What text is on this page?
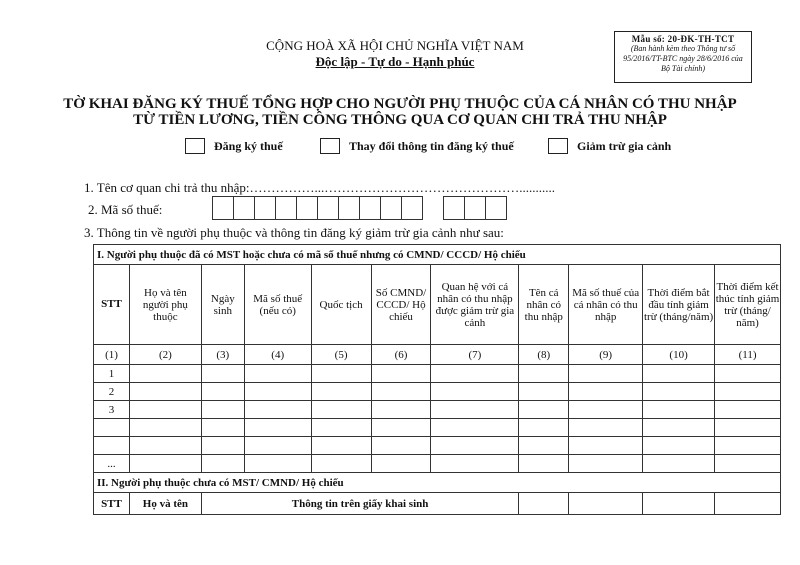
CỘNG HOÀ XÃ HỘI CHỦ NGHĨA VIỆT NAM
Độc lập - Tự do - Hạnh phúc
Mẫu số: 20-ĐK-TH-TCT
(Ban hành kèm theo Thông tư số 95/2016/TT-BTC ngày 28/6/2016 của Bộ Tài chính)
TỜ KHAI ĐĂNG KÝ THUẾ TỔNG HỢP CHO NGƯỜI PHỤ THUỘC CỦA CÁ NHÂN CÓ THU NHẬP
TỪ TIỀN LƯƠNG, TIỀN CÔNG THÔNG QUA CƠ QUAN CHI TRẢ THU NHẬP
Đăng ký thuế	Thay đổi thông tin đăng ký thuế	Giảm trừ gia cảnh
1. Tên cơ quan chi trả thu nhập:……………...………………………………………...........
2. Mã số thuế:
3. Thông tin về người phụ thuộc và thông tin đăng ký giảm trừ gia cảnh như sau:
I. Người phụ thuộc đã có MST hoặc chưa có mã số thuế nhưng có CMND/ CCCD/ Hộ chiếu										
STT	Họ và tên người phụ thuộc	Ngày sinh	Mã số thuế (nếu có)	Quốc tịch	Số CMND/ CCCD/ Hộ chiếu	Quan hệ với cá nhân có thu nhập được giảm trừ gia cảnh	Tên cá nhân có thu nhập	Mã số thuế của cá nhân có thu nhập	Thời điểm bắt đầu tính giảm trừ (tháng/năm)	Thời điểm kết thúc tính giảm trừ (tháng/ năm)
(1)	(2)	(3)	(4)	(5)	(6)	(7)	(8)	(9)	(10)	(11)
1										
2										
3										

...										
II. Người phụ thuộc chưa có MST/ CMND/ Hộ chiếu										
STT	Họ và tên	Thông tin trên giấy khai sinh								
